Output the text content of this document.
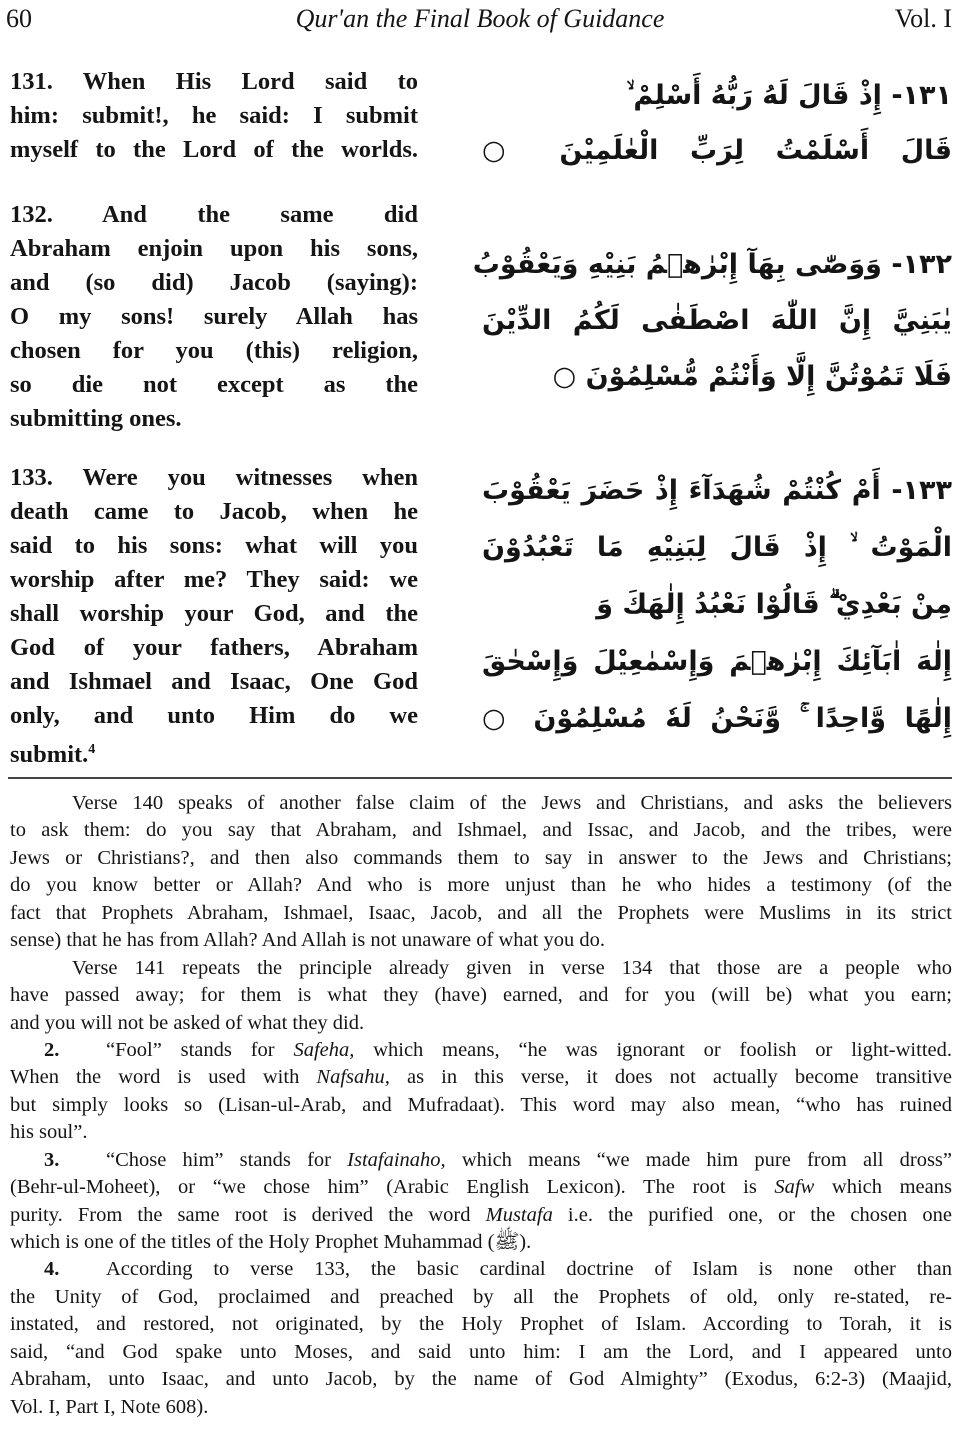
60	Qur'an the Final Book of Guidance	Vol. I
131. When His Lord said to
him: submit!, he said: I submit
myself to the Lord of the worlds.
132. And the same did
Abraham enjoin upon his sons,
and (so did) Jacob (saying):
O my sons! surely Allah has
chosen for you (this) religion,
so die not except as the
submitting ones.
133. Were you witnesses when
death came to Jacob, when he
said to his sons: what will you
worship after me? They said: we
shall worship your God, and the
God of your fathers, Abraham
and Ishmael and Isaac, One God
only, and unto Him do we
submit.$^4$
١٣١- إِذْ قَالَ لَهُ رَبُّهُ أَسْلِمْ ۙ
قَالَ أَسْلَمْتُ لِرَبِّ الْعٰلَمِيْنَ ○
١٣٢- وَوَصّٰى بِهَآ إِبْرٰهٖمُ بَنِيْهِ وَيَعْقُوْبُ
يٰبَنِيَّ إِنَّ اللّٰهَ اصْطَفٰى لَكُمُ الدِّيْنَ
فَلَا تَمُوْتُنَّ إِلَّا وَأَنْتُمْ مُّسْلِمُوْنَ ○
١٣٣- أَمْ كُنْتُمْ شُهَدَآءَ إِذْ حَضَرَ يَعْقُوْبَ
الْمَوْتُ ۙ إِذْ قَالَ لِبَنِيْهِ مَا تَعْبُدُوْنَ
مِنْ بَعْدِيْ ۗ قَالُوْا نَعْبُدُ إِلٰهَكَ وَ
إِلٰهَ اٰبَآئِكَ إِبْرٰهٖمَ وَإِسْمٰعِيْلَ وَإِسْحٰقَ
إِلٰهًا وَّاحِدًا ۚ وَّنَحْنُ لَهٗ مُسْلِمُوْنَ ○
Verse 140 speaks of another false claim of the Jews and Christians, and asks the believers
to ask them: do you say that Abraham, and Ishmael, and Issac, and Jacob, and the tribes, were
Jews or Christians?, and then also commands them to say in answer to the Jews and Christians;
do you know better or Allah? And who is more unjust than he who hides a testimony (of the
fact that Prophets Abraham, Ishmael, Isaac, Jacob, and all the Prophets were Muslims in its strict
sense) that he has from Allah? And Allah is not unaware of what you do.
Verse 141 repeats the principle already given in verse 134 that those are a people who
have passed away; for them is what they (have) earned, and for you (will be) what you earn;
and you will not be asked of what they did.
2. “Fool” stands for Safeha, which means, “he was ignorant or foolish or light-witted.
When the word is used with Nafsahu, as in this verse, it does not actually become transitive
but simply looks so (Lisan-ul-Arab, and Mufradaat). This word may also mean, “who has ruined
his soul”.
3. “Chose him” stands for Istafainaho, which means “we made him pure from all dross”
(Behr-ul-Moheet), or “we chose him” (Arabic English Lexicon). The root is Safw which means
purity. From the same root is derived the word Mustafa i.e. the purified one, or the chosen one
which is one of the titles of the Holy Prophet Muhammad (ﷺ).
4. According to verse 133, the basic cardinal doctrine of Islam is none other than
the Unity of God, proclaimed and preached by all the Prophets of old, only re-stated, re-
instated, and restored, not originated, by the Holy Prophet of Islam. According to Torah, it is
said, “and God spake unto Moses, and said unto him: I am the Lord, and I appeared unto
Abraham, unto Isaac, and unto Jacob, by the name of God Almighty” (Exodus, 6:2-3) (Maajid,
Vol. I, Part I, Note 608).
